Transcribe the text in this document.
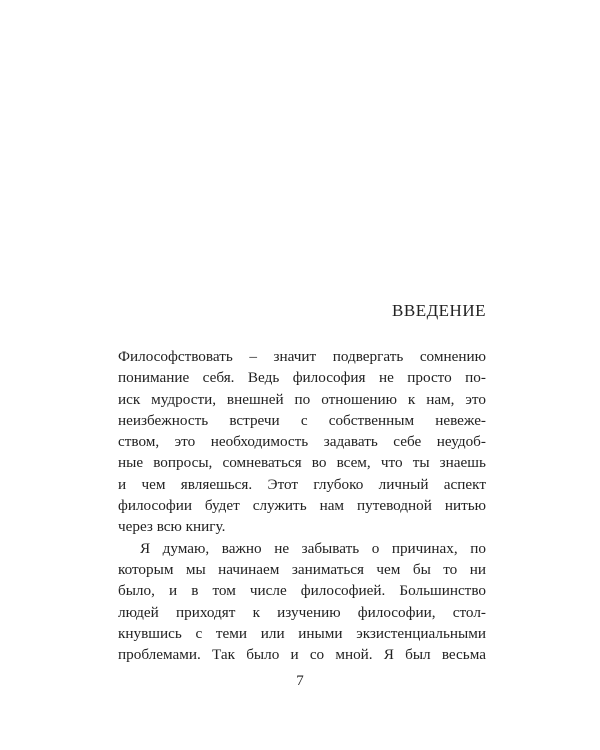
ВВЕДЕНИЕ
Философствовать – значит подвергать сомнению
понимание себя. Ведь философия не просто по-
иск мудрости, внешней по отношению к нам, это
неизбежность встречи с собственным невеже-
ством, это необходимость задавать себе неудоб-
ные вопросы, сомневаться во всем, что ты знаешь
и чем являешься. Этот глубоко личный аспект
философии будет служить нам путеводной нитью
через всю книгу.
Я думаю, важно не забывать о причинах, по
которым мы начинаем заниматься чем бы то ни
было, и в том числе философией. Большинство
людей приходят к изучению философии, стол-
кнувшись с теми или иными экзистенциальными
проблемами. Так было и со мной. Я был весьма
7
